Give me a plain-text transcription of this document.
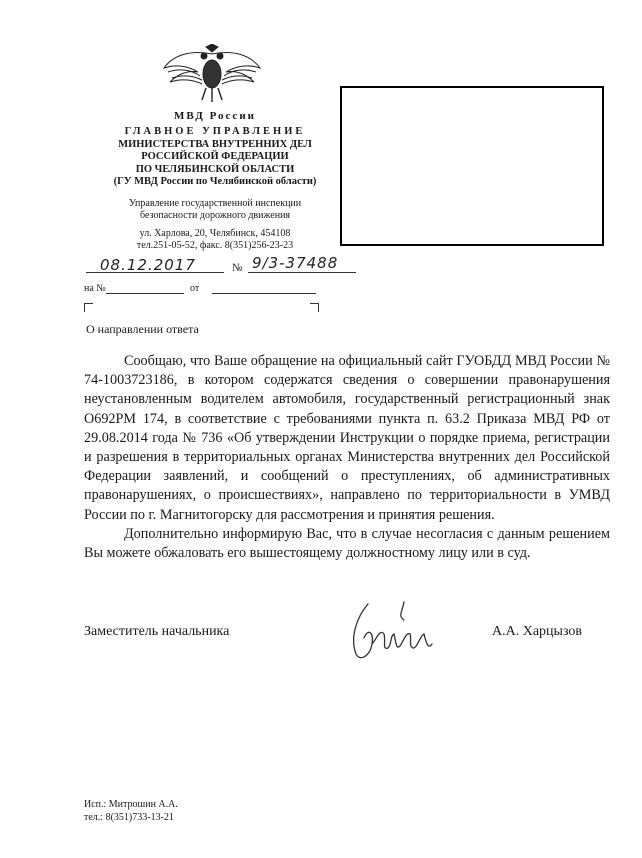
МВД России
ГЛАВНОЕ УПРАВЛЕНИЕ
МИНИСТЕРСТВА ВНУТРЕННИХ ДЕЛ
РОССИЙСКОЙ ФЕДЕРАЦИИ
ПО ЧЕЛЯБИНСКОЙ ОБЛАСТИ
(ГУ МВД России по Челябинской области)
Управление государственной инспекции
безопасности дорожного движения
ул. Харлова, 20, Челябинск, 454108
тел.251-05-52, факс. 8(351)256-23-23
08.12.2017	№ 9/3-37488
на №	от
О направлении ответа

Сообщаю, что Ваше обращение на официальный сайт ГУОБДД МВД России № 74-1003723186, в котором содержатся сведения о совершении правонарушения неустановленным водителем автомобиля, государственный регистрационный знак О692РМ 174, в соответствие с требованиями пункта п. 63.2 Приказа МВД РФ от 29.08.2014 года № 736 «Об утверждении Инструкции о порядке приема, регистрации и разрешения в территориальных органах Министерства внутренних дел Российской Федерации заявлений, и сообщений о преступлениях, об административных правонарушениях, о происшествиях», направлено по территориальности в УМВД России по г. Магнитогорску для рассмотрения и принятия решения.

Дополнительно информирую Вас, что в случае несогласия с данным решением Вы можете обжаловать его вышестоящему должностному лицу или в суд.

Заместитель начальника	А.А. Харцызов
Исп.: Митрошин А.А.
тел.: 8(351)733-13-21
